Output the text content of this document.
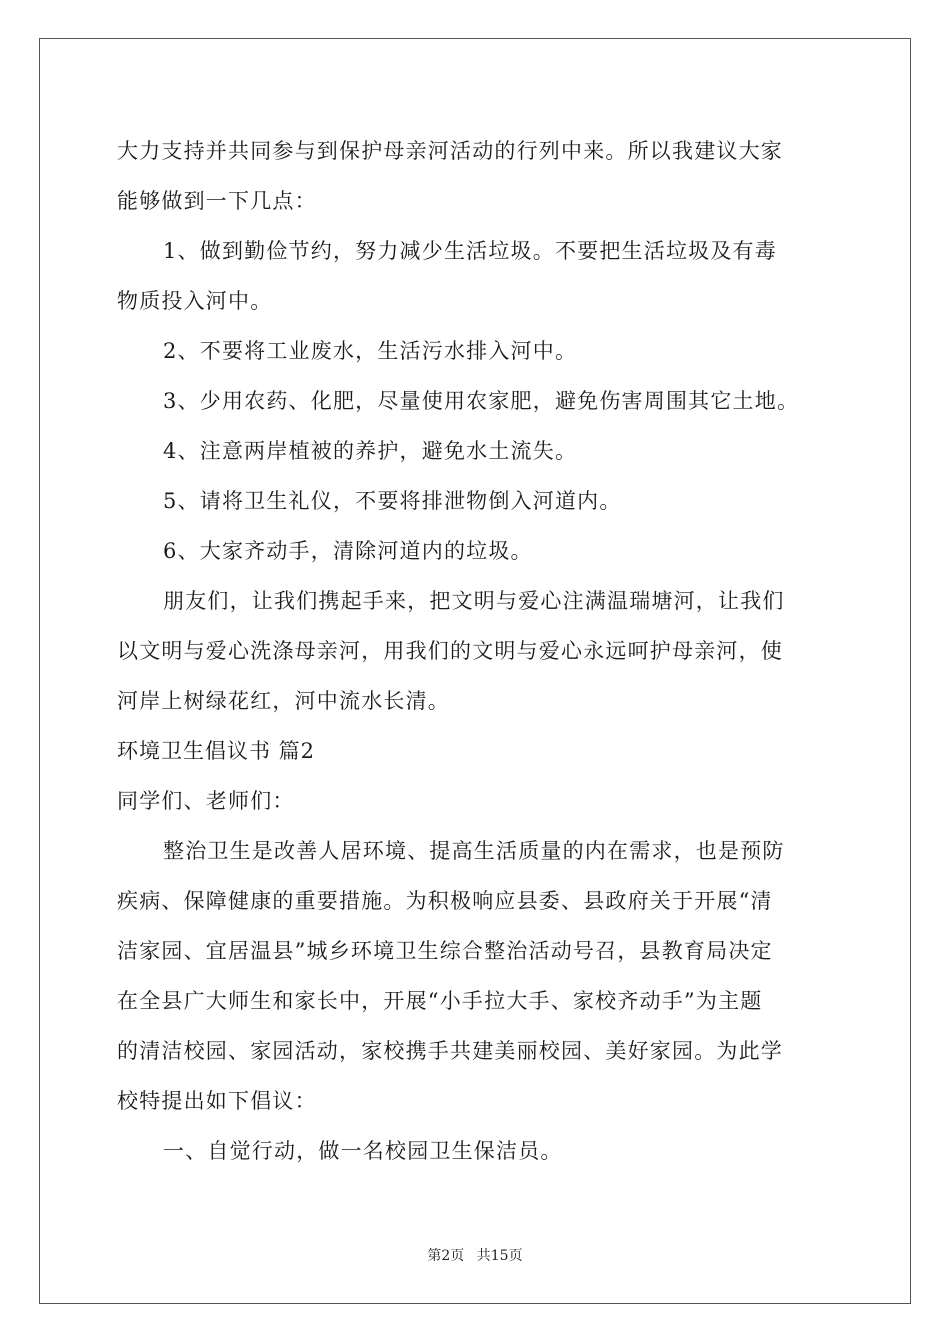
大力支持并共同参与到保护母亲河活动的行列中来。所以我建议大家
能够做到一下几点：
1、做到勤俭节约，努力减少生活垃圾。不要把生活垃圾及有毒
物质投入河中。
2、不要将工业废水，生活污水排入河中。
3、少用农药、化肥，尽量使用农家肥，避免伤害周围其它土地。
4、注意两岸植被的养护，避免水土流失。
5、请将卫生礼仪，不要将排泄物倒入河道内。
6、大家齐动手，清除河道内的垃圾。
朋友们，让我们携起手来，把文明与爱心注满温瑞塘河，让我们
以文明与爱心洗涤母亲河，用我们的文明与爱心永远呵护母亲河，使
河岸上树绿花红，河中流水长清。
环境卫生倡议书 篇2
同学们、老师们：
整治卫生是改善人居环境、提高生活质量的内在需求，也是预防
疾病、保障健康的重要措施。为积极响应县委、县政府关于开展“清
洁家园、宜居温县”城乡环境卫生综合整治活动号召，县教育局决定
在全县广大师生和家长中，开展“小手拉大手、家校齐动手”为主题
的清洁校园、家园活动，家校携手共建美丽校园、美好家园。为此学
校特提出如下倡议：
一、自觉行动，做一名校园卫生保洁员。
第2页 共15页
